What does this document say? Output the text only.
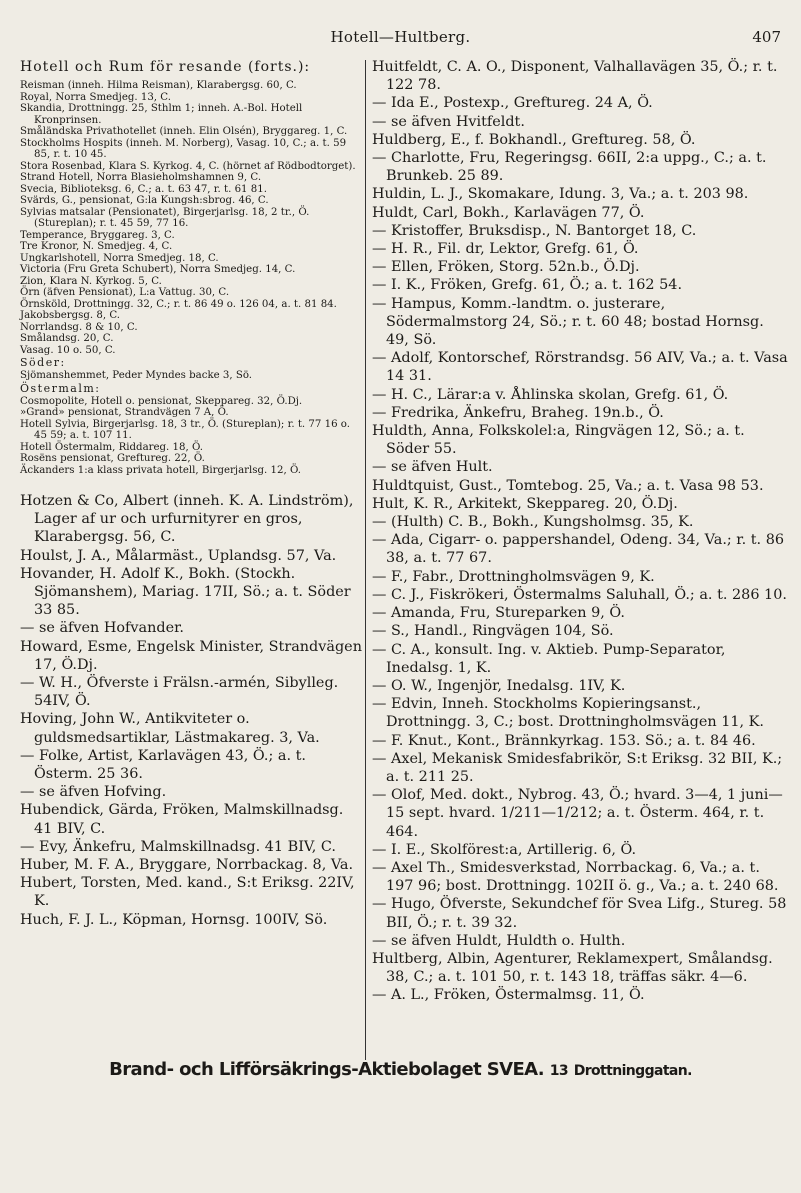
Hotell—Hultberg.	407
Hotell och Rum för resande (forts.):
Reisman (inneh. Hilma Reisman), Klarabergsg. 60, C.
Royal, Norra Smedjeg. 13, C.
Skandia, Drottningg. 25, Sthlm 1; inneh. A.-Bol. Hotell Kronprinsen.
Småländska Privathotellet (inneh. Elin Olsén), Bryggareg. 1, C.
Stockholms Hospits (inneh. M. Norberg), Vasag. 10, C.; a. t. 59 85, r. t. 10 45.
Stora Rosenbad, Klara S. Kyrkog. 4, C. (hörnet af Rödbodtorget).
Strand Hotell, Norra Blasieholmshamnen 9, C.
Svecia, Biblioteksg. 6, C.; a. t. 63 47, r. t. 61 81.
Svärds, G., pensionat, G:la Kungsh:sbrog. 46, C.
Sylvias matsalar (Pensionatet), Birgerjarlsg. 18, 2 tr., Ö. (Stureplan); r. t. 45 59, 77 16.
Temperance, Bryggareg. 3, C.
Tre Kronor, N. Smedjeg. 4, C.
Ungkarlshotell, Norra Smedjeg. 18, C.
Victoria (Fru Greta Schubert), Norra Smedjeg. 14, C.
Zion, Klara N. Kyrkog. 5, C.
Örn (äfven Pensionat), L:a Vattug. 30, C.
Örnsköld, Drottningg. 32, C.; r. t. 86 49 o. 126 04, a. t. 81 84.
Jakobsbergsg. 8, C.
Norrlandsg. 8 & 10, C.
Smålandsg. 20, C.
Vasag. 10 o. 50, C.
Söder:
Sjömanshemmet, Peder Myndes backe 3, Sö.
Östermalm:
Cosmopolite, Hotell o. pensionat, Skeppareg. 32, Ö.Dj.
»Grand» pensionat, Strandvägen 7 A, Ö.
Hotell Sylvia, Birgerjarlsg. 18, 3 tr., Ö. (Stureplan); r. t. 77 16 o. 45 59; a. t. 107 11.
Hotell Östermalm, Riddareg. 18, Ö.
Rosëns pensionat, Greftureg. 22, Ö.
Äckanders 1:a klass privata hotell, Birgerjarlsg. 12, Ö.
Hotzen & Co, Albert (inneh. K. A. Lindström), Lager af ur och urfurnityrer en gros, Klarabergsg. 56, C.
Houlst, J. A., Målarmäst., Uplandsg. 57, Va.
Hovander, H. Adolf K., Bokh. (Stockh. Sjömanshem), Mariag. 17II, Sö.; a. t. Söder 33 85.
— se äfven Hofvander.
Howard, Esme, Engelsk Minister, Strandvägen 17, Ö.Dj.
— W. H., Öfverste i Frälsn.-armén, Sibylleg. 54IV, Ö.
Hoving, John W., Antikviteter o. guldsmedsartiklar, Lästmakareg. 3, Va.
— Folke, Artist, Karlavägen 43, Ö.; a. t. Österm. 25 36.
— se äfven Hofving.
Hubendick, Gärda, Fröken, Malmskillnadsg. 41 BIV, C.
— Evy, Änkefru, Malmskillnadsg. 41 BIV, C.
Huber, M. F. A., Bryggare, Norrbackag. 8, Va.
Hubert, Torsten, Med. kand., S:t Eriksg. 22IV, K.
Huch, F. J. L., Köpman, Hornsg. 100IV, Sö.
Huitfeldt, C. A. O., Disponent, Valhallavägen 35, Ö.; r. t. 122 78.
— Ida E., Postexp., Greftureg. 24 A, Ö.
— se äfven Hvitfeldt.
Huldberg, E., f. Bokhandl., Greftureg. 58, Ö.
— Charlotte, Fru, Regeringsg. 66II, 2:a uppg., C.; a. t. Brunkeb. 25 89.
Huldin, L. J., Skomakare, Idung. 3, Va.; a. t. 203 98.
Huldt, Carl, Bokh., Karlavägen 77, Ö.
— Kristoffer, Bruksdisp., N. Bantorget 18, C.
— H. R., Fil. dr, Lektor, Grefg. 61, Ö.
— Ellen, Fröken, Storg. 52n.b., Ö.Dj.
— I. K., Fröken, Grefg. 61, Ö.; a. t. 162 54.
— Hampus, Komm.-landtm. o. justerare, Södermalmstorg 24, Sö.; r. t. 60 48; bostad Hornsg. 49, Sö.
— Adolf, Kontorschef, Rörstrandsg. 56 AIV, Va.; a. t. Vasa 14 31.
— H. C., Lärar:a v. Åhlinska skolan, Grefg. 61, Ö.
— Fredrika, Änkefru, Braheg. 19n.b., Ö.
Huldth, Anna, Folkskolel:a, Ringvägen 12, Sö.; a. t. Söder 55.
— se äfven Hult.
Huldtquist, Gust., Tomtebog. 25, Va.; a. t. Vasa 98 53.
Hult, K. R., Arkitekt, Skeppareg. 20, Ö.Dj.
— (Hulth) C. B., Bokh., Kungsholmsg. 35, K.
— Ada, Cigarr- o. pappershandel, Odeng. 34, Va.; r. t. 86 38, a. t. 77 67.
— F., Fabr., Drottningholmsvägen 9, K.
— C. J., Fiskrökeri, Östermalms Saluhall, Ö.; a. t. 286 10.
— Amanda, Fru, Stureparken 9, Ö.
— S., Handl., Ringvägen 104, Sö.
— C. A., konsult. Ing. v. Aktieb. Pump-Separator, Inedalsg. 1, K.
— O. W., Ingenjör, Inedalsg. 1IV, K.
— Edvin, Inneh. Stockholms Kopieringsanst., Drottningg. 3, C.; bost. Drottningholmsvägen 11, K.
— F. Knut., Kont., Brännkyrkag. 153. Sö.; a. t. 84 46.
— Axel, Mekanisk Smidesfabrikör, S:t Eriksg. 32 BII, K.; a. t. 211 25.
— Olof, Med. dokt., Nybrog. 43, Ö.; hvard. 3—4, 1 juni—15 sept. hvard. 1/211—1/212; a. t. Österm. 464, r. t. 464.
— I. E., Skolförest:a, Artillerig. 6, Ö.
— Axel Th., Smidesverkstad, Norrbackag. 6, Va.; a. t. 197 96; bost. Drottningg. 102II ö. g., Va.; a. t. 240 68.
— Hugo, Öfverste, Sekundchef för Svea Lifg., Stureg. 58 BII, Ö.; r. t. 39 32.
— se äfven Huldt, Huldth o. Hulth.
Hultberg, Albin, Agenturer, Reklamexpert, Smålandsg. 38, C.; a. t. 101 50, r. t. 143 18, träffas säkr. 4—6.
— A. L., Fröken, Östermalmsg. 11, Ö.
Brand- och Lifförsäkrings-Aktiebolaget SVEA. 13 Drottninggatan.
